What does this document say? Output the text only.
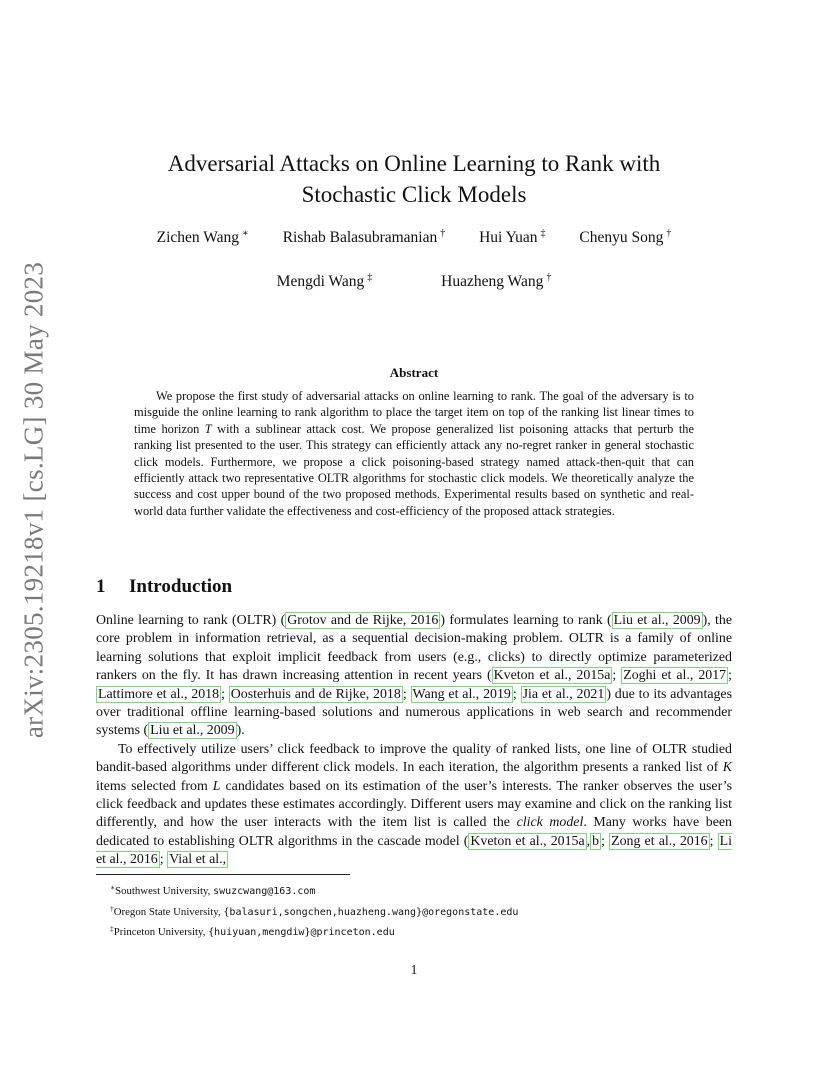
arXiv:2305.19218v1 [cs.LG] 30 May 2023
Adversarial Attacks on Online Learning to Rank with
Stochastic Click Models
Zichen Wang ∗ Rishab Balasubramanian † Hui Yuan ‡ Chenyu Song †
Mengdi Wang ‡	Huazheng Wang †
Abstract
We propose the first study of adversarial attacks on online learning to rank. The goal of the adversary is to misguide the online learning to rank algorithm to place the target item on top of the ranking list linear times to time horizon T with a sublinear attack cost. We propose generalized list poisoning attacks that perturb the ranking list presented to the user. This strategy can efficiently attack any no-regret ranker in general stochastic click models. Furthermore, we propose a click poisoning-based strategy named attack-then-quit that can efficiently attack two representative OLTR algorithms for stochastic click models. We theoretically analyze the success and cost upper bound of the two proposed methods. Experimental results based on synthetic and real-world data further validate the effectiveness and cost-efficiency of the proposed attack strategies.
1 Introduction

Online learning to rank (OLTR) ( Grotov and de Rijke, 2016 ) formulates learning to rank ( Liu et al., 2009 ), the core problem in information retrieval, as a sequential decision-making problem. OLTR is a family of online learning solutions that exploit implicit feedback from users (e.g., clicks) to directly optimize parameterized rankers on the fly. It has drawn increasing attention in recent years ( Kveton et al., 2015a ; Zoghi et al., 2017 ; Lattimore et al., 2018 ; Oosterhuis and de Rijke, 2018 ; Wang et al., 2019 ; Jia et al., 2021 ) due to its advantages over traditional offline learning-based solutions and numerous applications in web search and recommender systems ( Liu et al., 2009 ).

To effectively utilize users’ click feedback to improve the quality of ranked lists, one line of OLTR studied bandit-based algorithms under different click models. In each iteration, the algorithm presents a ranked list of K items selected from L candidates based on its estimation of the user’s interests. The ranker observes the user’s click feedback and updates these estimates accordingly. Different users may examine and click on the ranking list differently, and how the user interacts with the item list is called the click model. Many works have been dedicated to establishing OLTR algorithms in the cascade model ( Kveton et al., 2015a , b ; Zong et al., 2016 ; Li et al., 2016 ; Vial et al.,

∗Southwest University, swuzcwang@163.com
†Oregon State University, {balasuri,songchen,huazheng.wang}@oregonstate.edu
‡Princeton University, {huiyuan,mengdiw}@princeton.edu
1
